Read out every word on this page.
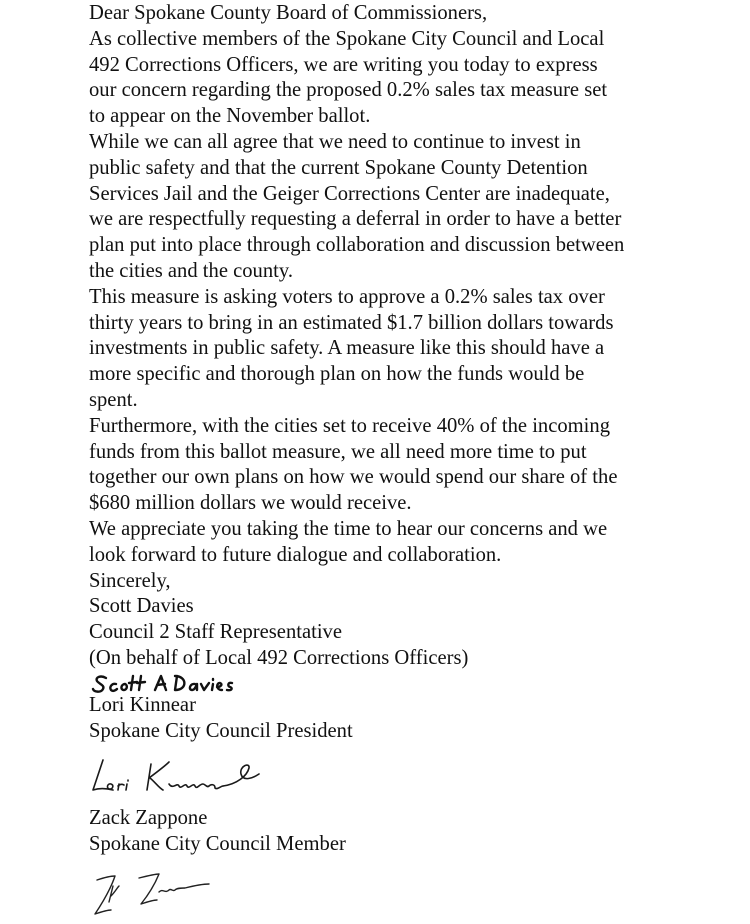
Dear Spokane County Board of Commissioners,

As collective members of the Spokane City Council and Local
492 Corrections Officers, we are writing you today to express
our concern regarding the proposed 0.2% sales tax measure set
to appear on the November ballot.

While we can all agree that we need to continue to invest in
public safety and that the current Spokane County Detention
Services Jail and the Geiger Corrections Center are inadequate,
we are respectfully requesting a deferral in order to have a better
plan put into place through collaboration and discussion between
the cities and the county.

This measure is asking voters to approve a 0.2% sales tax over
thirty years to bring in an estimated $1.7 billion dollars towards
investments in public safety. A measure like this should have a
more specific and thorough plan on how the funds would be
spent.

Furthermore, with the cities set to receive 40% of the incoming
funds from this ballot measure, we all need more time to put
together our own plans on how we would spend our share of the
$680 million dollars we would receive.

We appreciate you taking the time to hear our concerns and we
look forward to future dialogue and collaboration.

Sincerely,

Scott Davies
Council 2 Staff Representative
(On behalf of Local 492 Corrections Officers)
Lori Kinnear
Spokane City Council President
Zack Zappone
Spokane City Council Member
